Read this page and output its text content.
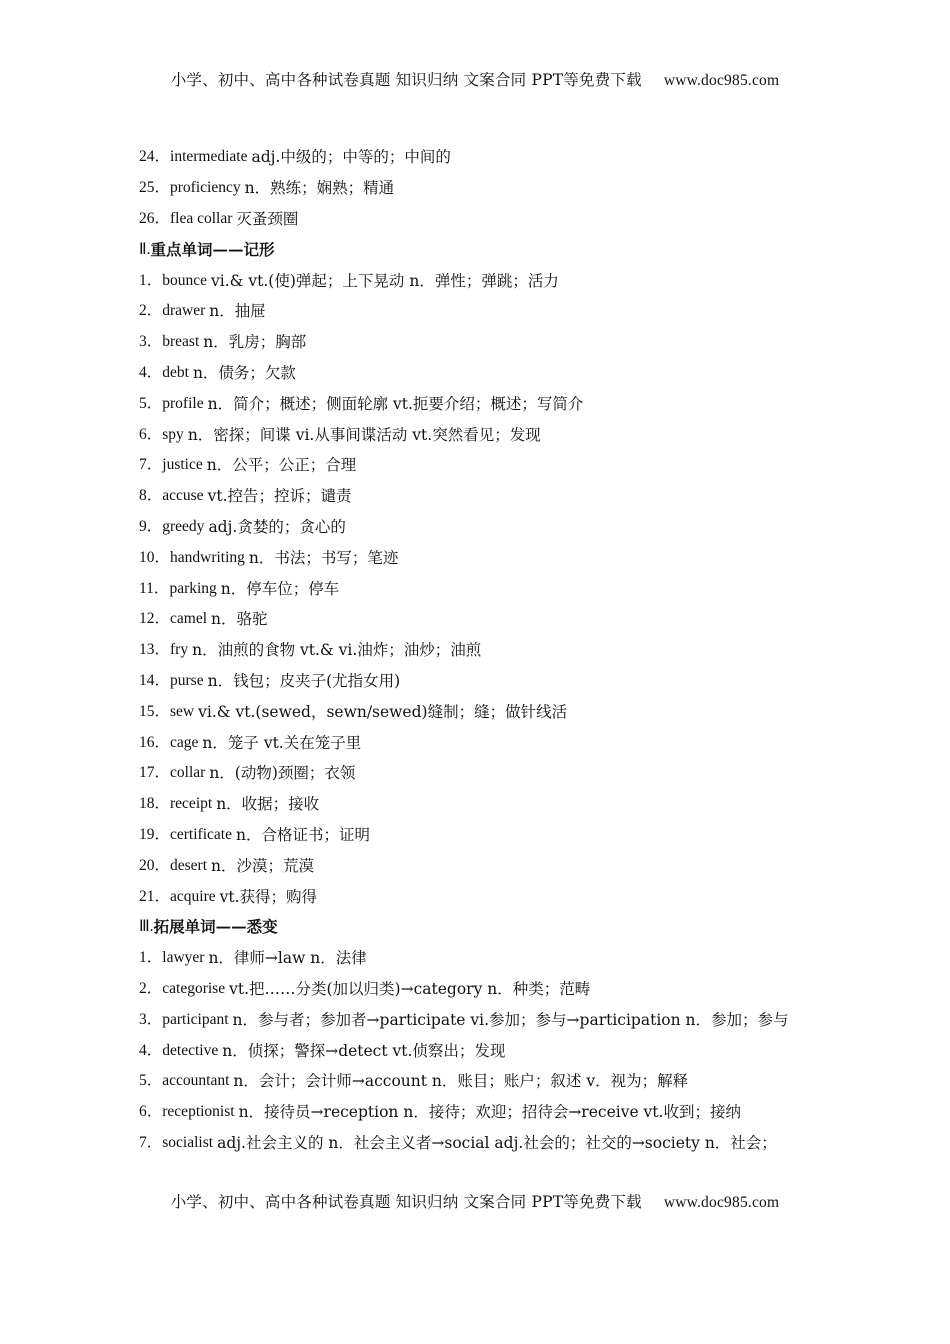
小学、初中、高中各种试卷真题 知识归纳 文案合同 PPT等免费下载 www.doc985.com
24． intermediate adj.中级的；中等的；中间的
25． proficiency n．熟练；娴熟；精通
26． flea collar 灭蚤颈圈
Ⅱ. 重点单词——记形
1． bounce vi.& vt.(使)弹起；上下晃动 n．弹性；弹跳；活力
2． drawer n．抽屉
3． breast n．乳房；胸部
4． debt n．债务；欠款
5． profile n．简介；概述；侧面轮廓 vt.扼要介绍；概述；写简介
6． spy n．密探；间谍 vi.从事间谍活动 vt.突然看见；发现
7． justice n．公平；公正；合理
8． accuse vt.控告；控诉；谴责
9． greedy adj.贪婪的；贪心的
10． handwriting n．书法；书写；笔迹
11． parking n．停车位；停车
12． camel n．骆驼
13． fry n．油煎的食物 vt.& vi.油炸；油炒；油煎
14． purse n．钱包；皮夹子(尤指女用)
15． sew vi.& vt.(sewed，sewn/sewed)缝制；缝；做针线活
16． cage n．笼子 vt.关在笼子里
17． collar n．(动物)颈圈；衣领
18． receipt n．收据；接收
19． certificate n．合格证书；证明
20． desert n．沙漠；荒漠
21． acquire vt.获得；购得
Ⅲ. 拓展单词——悉变
1． lawyer n．律师→law n．法律
2． categorise vt.把……分类(加以归类)→category n．种类；范畴
3． participant n．参与者；参加者→participate vi.参加；参与→participation n．参加；参与
4． detective n．侦探；警探→detect vt.侦察出；发现
5． accountant n．会计；会计师→account n．账目；账户；叙述 v．视为；解释
6． receptionist n．接待员→reception n．接待；欢迎；招待会→receive vt.收到；接纳
7． socialist adj.社会主义的 n．社会主义者→social adj.社会的；社交的→society n．社会；
小学、初中、高中各种试卷真题 知识归纳 文案合同 PPT等免费下载 www.doc985.com
